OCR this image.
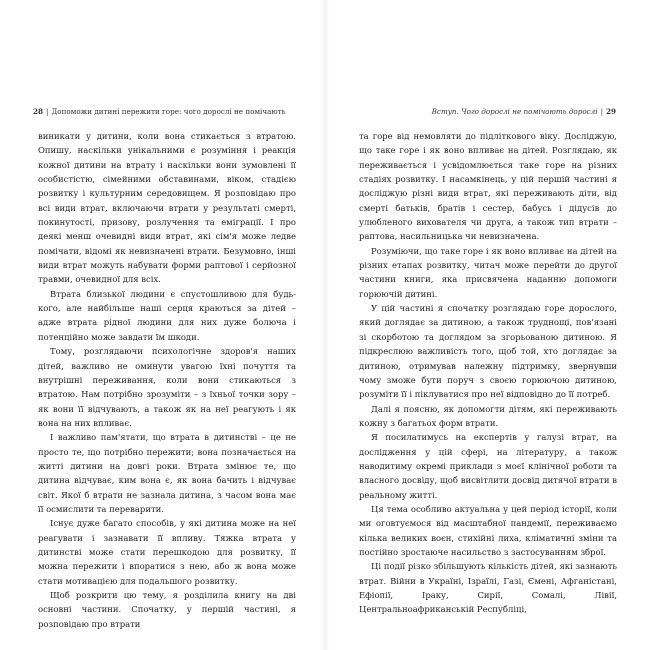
28 | Допоможи дитині пережити горе: чого дорослі не помічають

виникати у дитини, коли вона стикається з втратою. Опишу, наскільки унікальними є розуміння і реакція кожної дитини на втрату і наскільки вони зумовлені її особистістю, сімейними обставинами, віком, стадією розвитку і культурним середовищем. Я розповідаю про всі види втрат, включаючи втрати у результаті смерті, покинутості, призову, розлучення та еміграції. І про деякі менш очевидні види втрат, які сім'я може ледве помічати, відомі як невизначені втрати. Безумовно, інші види втрат можуть набувати форми раптової і серйозної травми, очевидної для всіх.

Втрата близької людини є спустошливою для будь-кого, але найбільше наші серця краються за дітей – адже втрата рідної людини для них дуже болюча і потенційно може завдати їм шкоди.

Тому, розглядаючи психологічне здоров'я наших дітей, важливо не оминути увагою їхні почуття та внутрішні переживання, коли вони стикаються з втратою. Нам потрібно зрозуміти – з їхньої точки зору – як вони її відчувають, а також як на неї реагують і як вона на них впливає.

І важливо пам'ятати, що втрата в дитинстві – це не просто те, що потрібно пережити; вона позначається на житті дитини на довгі роки. Втрата змінює те, що дитина відчуває, ким вона є, як вона бачить і відчуває світ. Якої б втрати не зазнала дитина, з часом вона має її осмислити та переварити.

Існує дуже багато способів, у які дитина може на неї реагувати і зазнавати її впливу. Тяжка втрата у дитинстві може стати перешкодою для розвитку, її можна пережити і впоратися з нею, або ж вона може стати мотивацією для подальшого розвитку.

Щоб розкрити цю тему, я розділила книгу на дві основні частини. Спочатку, у першій частині, я розповідаю про втрати

Вступ. Чого дорослі не помічають дорослі | 29

та горе від немовляти до підліткового віку. Досліджую, що таке горе і як воно впливає на дітей. Розглядаю, як переживається і усвідомлюється таке горе на різних стадіях розвитку. І насамкінець, у цій першій частині я досліджую різні види втрат, які переживають діти, від смерті батьків, братів і сестер, бабусь і дідусів до улюбленого вихователя чи друга, а також тип втрати – раптова, насильницька чи невизначена.

Розуміючи, що таке горе і як воно впливає на дітей на різних етапах розвитку, читач може перейти до другої частини книги, яка присвячена наданню допомоги горюючій дитині.

У цій частині я спочатку розглядаю горе дорослого, який доглядає за дитиною, а також труднощі, пов'язані зі скорботою та доглядом за згорьованою дитиною. Я підкреслюю важливість того, щоб той, хто доглядає за дитиною, отримував належну підтримку, звернувши чому зможе бути поруч з своєю горюючою дитиною, розуміти її і піклуватися про неї відповідно до її потреб.

Далі я поясню, як допомогти дітям, які переживають кожну з багатьох форм втрати.

Я посилатимусь на експертів у галузі втрат, на дослідження у цій сфері, на літературу, а також наводитиму окремі приклади з моєї клінічної роботи та власного досвіду, щоб висвітлити досвід дитячої втрати в реальному житті.

Ця тема особливо актуальна у цей період історії, коли ми оговтуємося від масштабної пандемії, переживаємо кілька великих воєн, стихійні лиха, кліматичні зміни та постійно зростаюче насильство з застосуванням зброї.

Ці події різко збільшують кількість дітей, які зазнають втрат. Війни в Україні, Ізраїлі, Газі, Ємені, Афганістані, Ефіопії, Іраку, Сирії, Сомалі, Лівії, Центральноафриканській Республіці,
